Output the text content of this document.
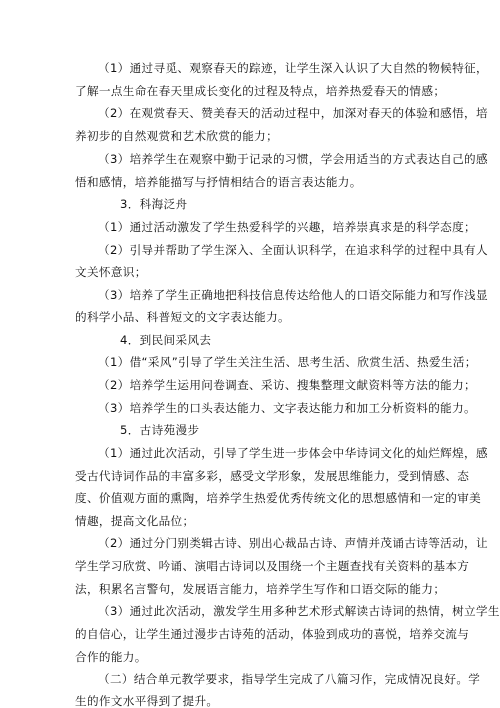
（1）通过寻觅、观察春天的踪迹，让学生深入认识了大自然的物候特征，
了解一点生命在春天里成长变化的过程及特点，培养热爱春天的情感；
（2）在观赏春天、赞美春天的活动过程中，加深对春天的体验和感悟，培
养初步的自然观赏和艺术欣赏的能力；
（3）培养学生在观察中勤于记录的习惯，学会用适当的方式表达自己的感
悟和感情，培养能描写与抒情相结合的语言表达能力。
3．科海泛舟
（1）通过活动激发了学生热爱科学的兴趣，培养崇真求是的科学态度；
（2）引导并帮助了学生深入、全面认识科学，在追求科学的过程中具有人
文关怀意识；
（3）培养了学生正确地把科技信息传达给他人的口语交际能力和写作浅显
的科学小品、科普短文的文字表达能力。
4．到民间采风去
（1）借“采风”引导了学生关注生活、思考生活、欣赏生活、热爱生活；
（2）培养学生运用问卷调查、采访、搜集整理文献资料等方法的能力；
（3）培养学生的口头表达能力、文字表达能力和加工分析资料的能力。
5．古诗苑漫步
（1）通过此次活动，引导了学生进一步体会中华诗词文化的灿烂辉煌，感
受古代诗词作品的丰富多彩，感受文学形象，发展思维能力，受到情感、态
度、价值观方面的熏陶，培养学生热爱优秀传统文化的思想感情和一定的审美
情趣，提高文化品位；
（2）通过分门别类辑古诗、别出心裁品古诗、声情并茂诵古诗等活动，让
学生学习欣赏、吟诵、演唱古诗词以及围绕一个主题查找有关资料的基本方
法，积累名言警句，发展语言能力，培养学生写作和口语交际的能力；
（3）通过此次活动，激发学生用多种艺术形式解读古诗词的热情，树立学生
的自信心，让学生通过漫步古诗苑的活动，体验到成功的喜悦，培养交流与
合作的能力。
（二）结合单元教学要求，指导学生完成了八篇习作，完成情况良好。学
生的作文水平得到了提升。
